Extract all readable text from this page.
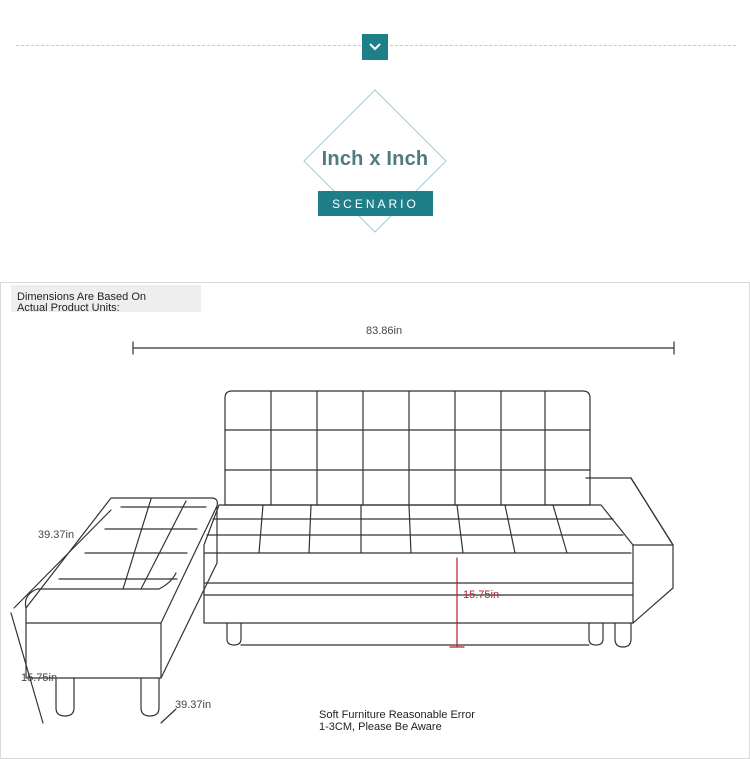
Inch x Inch
SCENARIO
Dimensions Are Based On
Actual Product Units:
83.86in
15.75in
39.37in
15.75in
39.37in
Soft Furniture Reasonable Error
1-3CM, Please Be Aware
